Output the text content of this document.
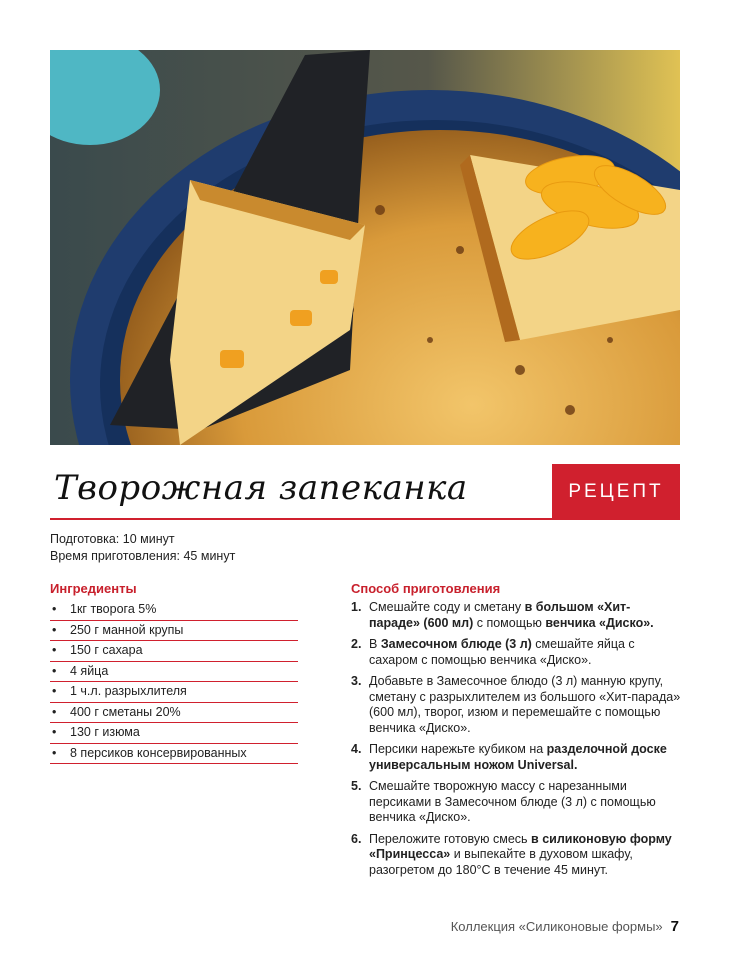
Творожная запеканка	РЕЦЕПТ
Подготовка: 10 минут
Время приготовления: 45 минут
Ингредиенты
• 1кг творога 5%
• 250 г манной крупы
• 150 г сахара
• 4 яйца
• 1 ч.л. разрыхлителя
• 400 г сметаны 20%
• 130 г изюма
• 8 персиков консервированных
Способ приготовления
1. Смешайте соду и сметану в большом «Хит-параде» (600 мл) с помощью венчика «Диско».
2. В Замесочном блюде (3 л) смешайте яйца с сахаром с помощью венчика «Диско».
3. Добавьте в Замесочное блюдо (3 л) манную крупу, сметану с разрыхлителем из большого «Хит-парада» (600 мл), творог, изюм и перемешайте с помощью венчика «Диско».
4. Персики нарежьте кубиком на разделочной доске универсальным ножом Universal.
5. Смешайте творожную массу с нарезанными персиками в Замесочном блюде (3 л) с помощью венчика «Диско».
6. Переложите готовую смесь в силиконовую форму «Принцесса» и выпекайте в духовом шкафу, разогретом до 180°С в течение 45 минут.
Коллекция «Силиконовые формы» 7
